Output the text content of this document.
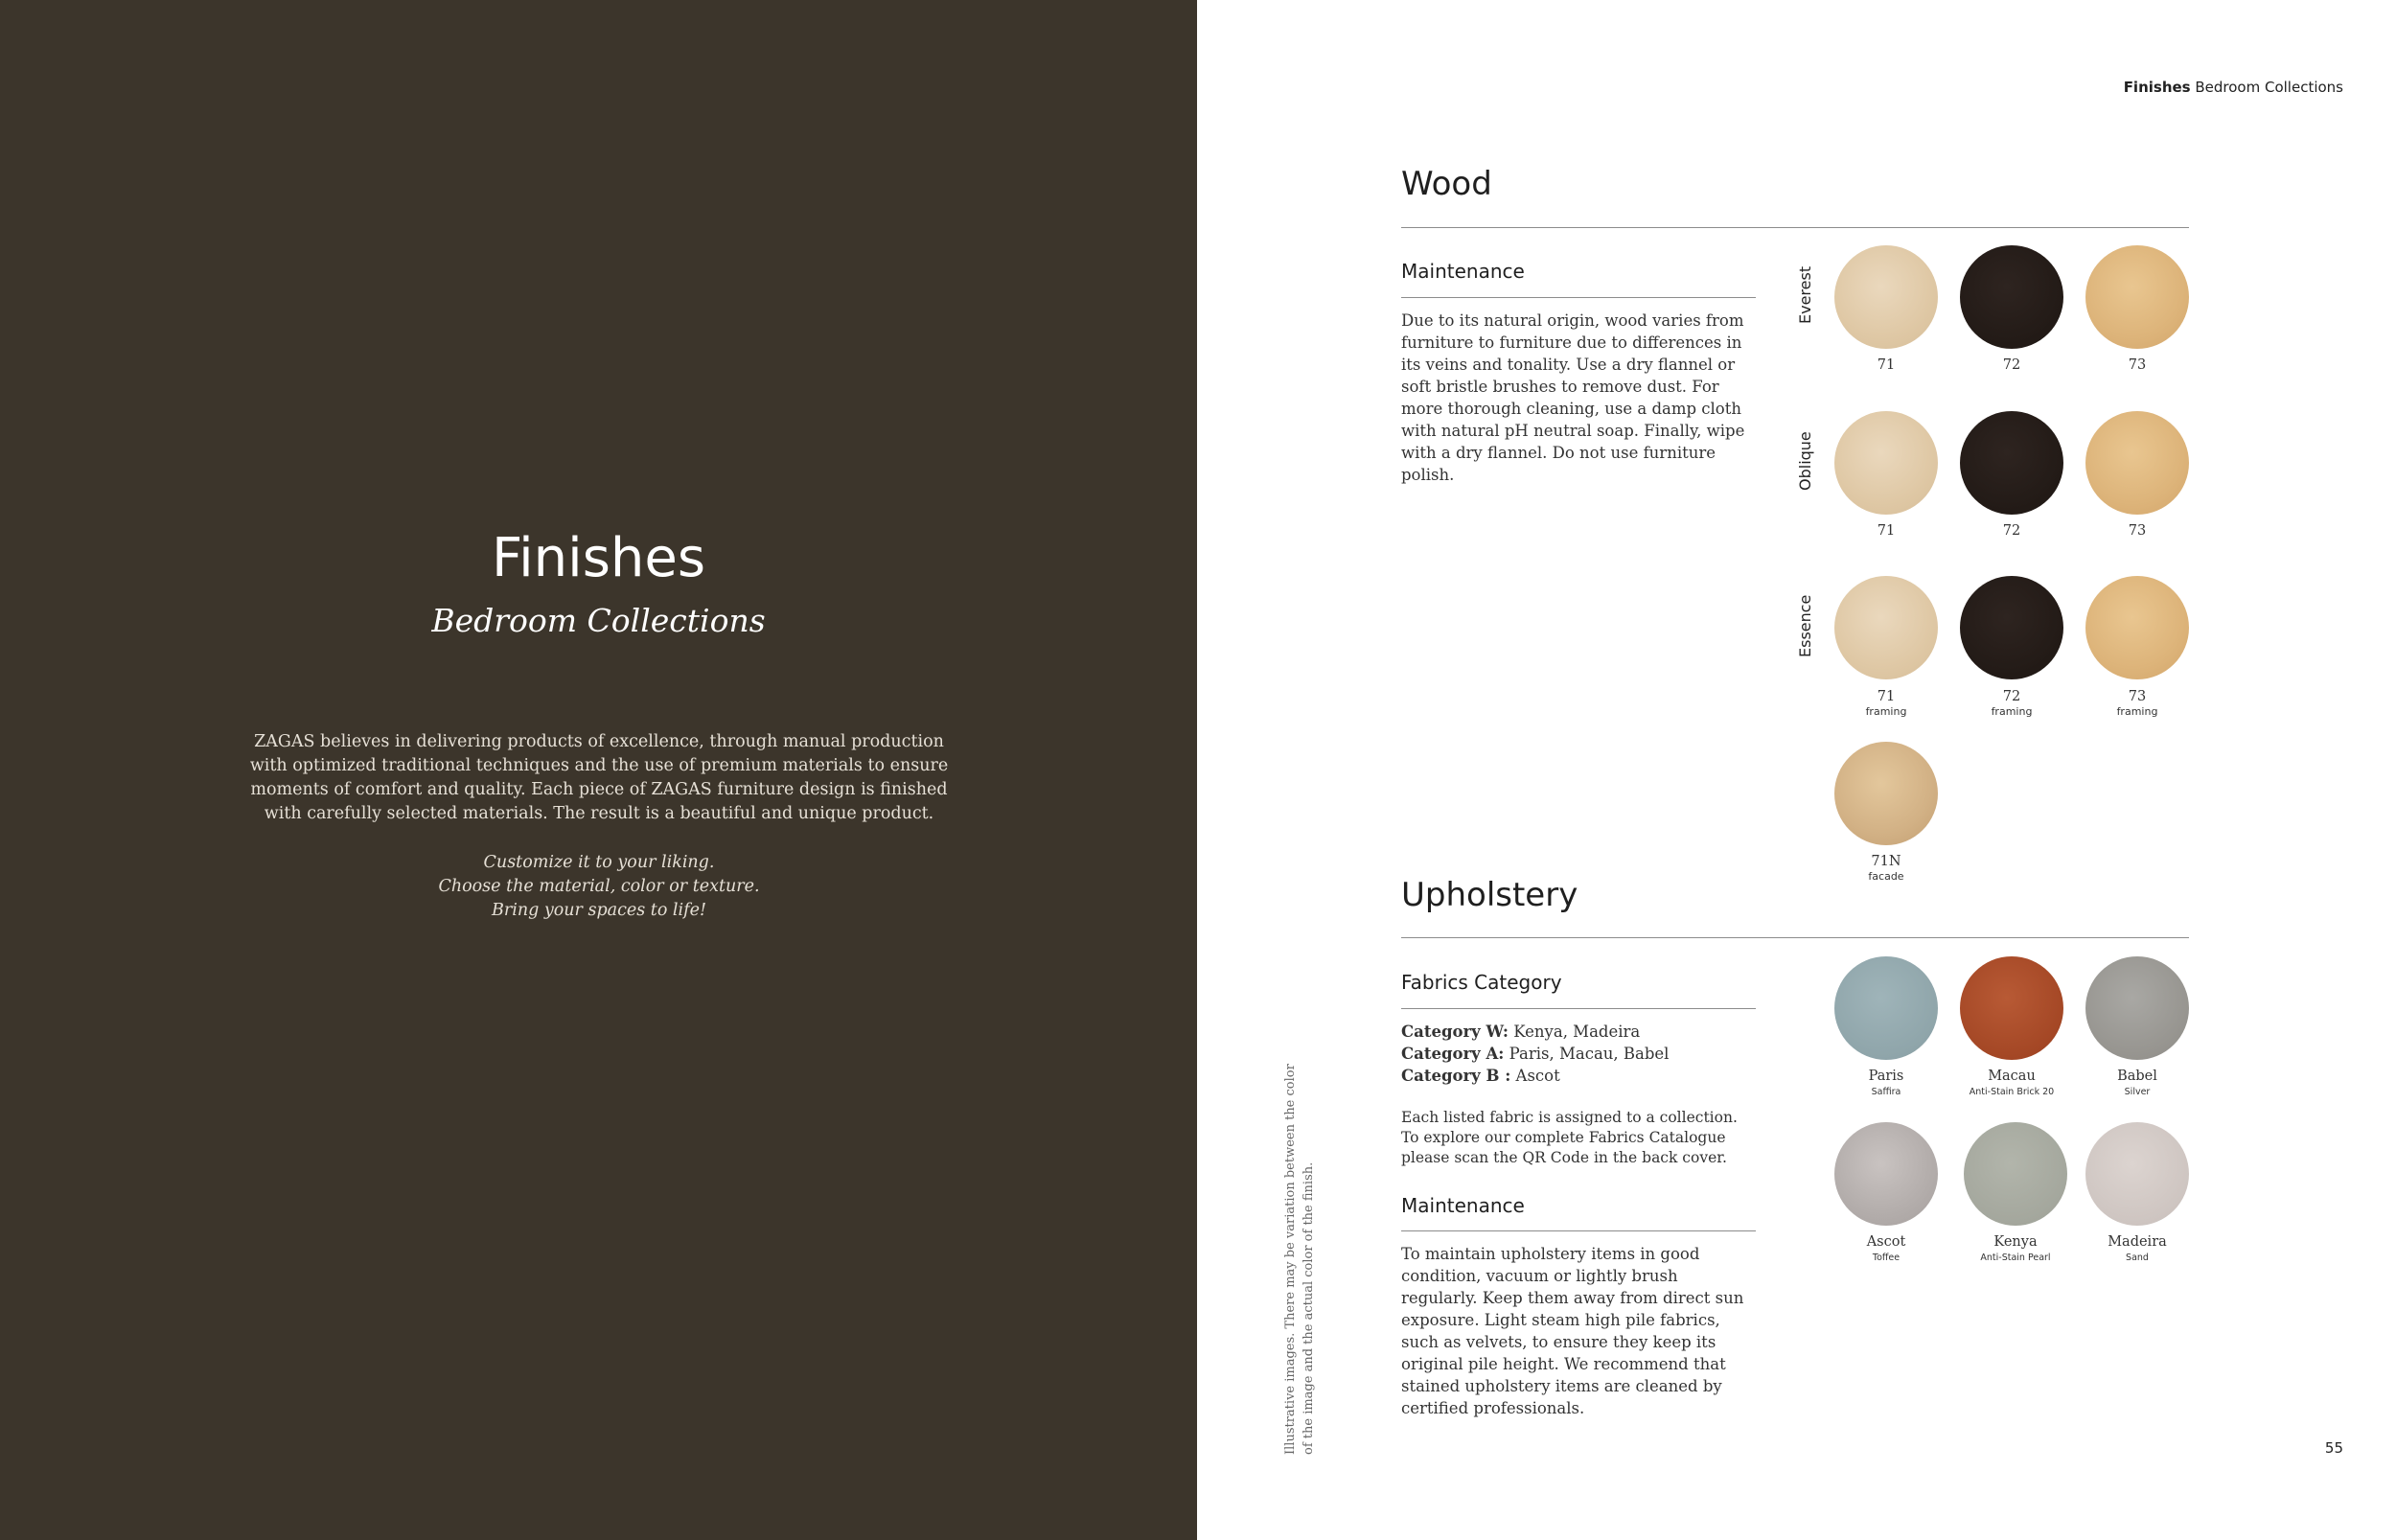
Finishes
Bedroom Collections
ZAGAS believes in delivering products of excellence, through manual production with optimized traditional techniques and the use of premium materials to ensure moments of comfort and quality. Each piece of ZAGAS furniture design is finished with carefully selected materials. The result is a beautiful and unique product.
Customize it to your liking.
Choose the material, color or texture.
Bring your spaces to life!
Finishes Bedroom Collections
Wood
Maintenance
Due to its natural origin, wood varies from furniture to furniture due to differences in its veins and tonality. Use a dry flannel or soft bristle brushes to remove dust. For more thorough cleaning, use a damp cloth with natural pH neutral soap. Finally, wipe with a dry flannel. Do not use furniture polish.
Everest
Oblique
Essence
71	72	73
71	72	73
71	72	73
framing	framing	framing
71N
facade
Upholstery
Fabrics Category
Category W: Kenya, Madeira
Category A: Paris, Macau, Babel
Category B : Ascot
Each listed fabric is assigned to a collection. To explore our complete Fabrics Catalogue please scan the QR Code in the back cover.
Maintenance
To maintain upholstery items in good condition, vacuum or lightly brush regularly. Keep them away from direct sun exposure. Light steam high pile fabrics, such as velvets, to ensure they keep its original pile height. We recommend that stained upholstery items are cleaned by certified professionals.
Paris	Macau	Babel
Saffira	Anti-Stain Brick 20	Silver
Ascot	Kenya	Madeira
Toffee	Anti-Stain Pearl	Sand
Illustrative images. There may be variation between the color of the image and the actual color of the finish.	55
